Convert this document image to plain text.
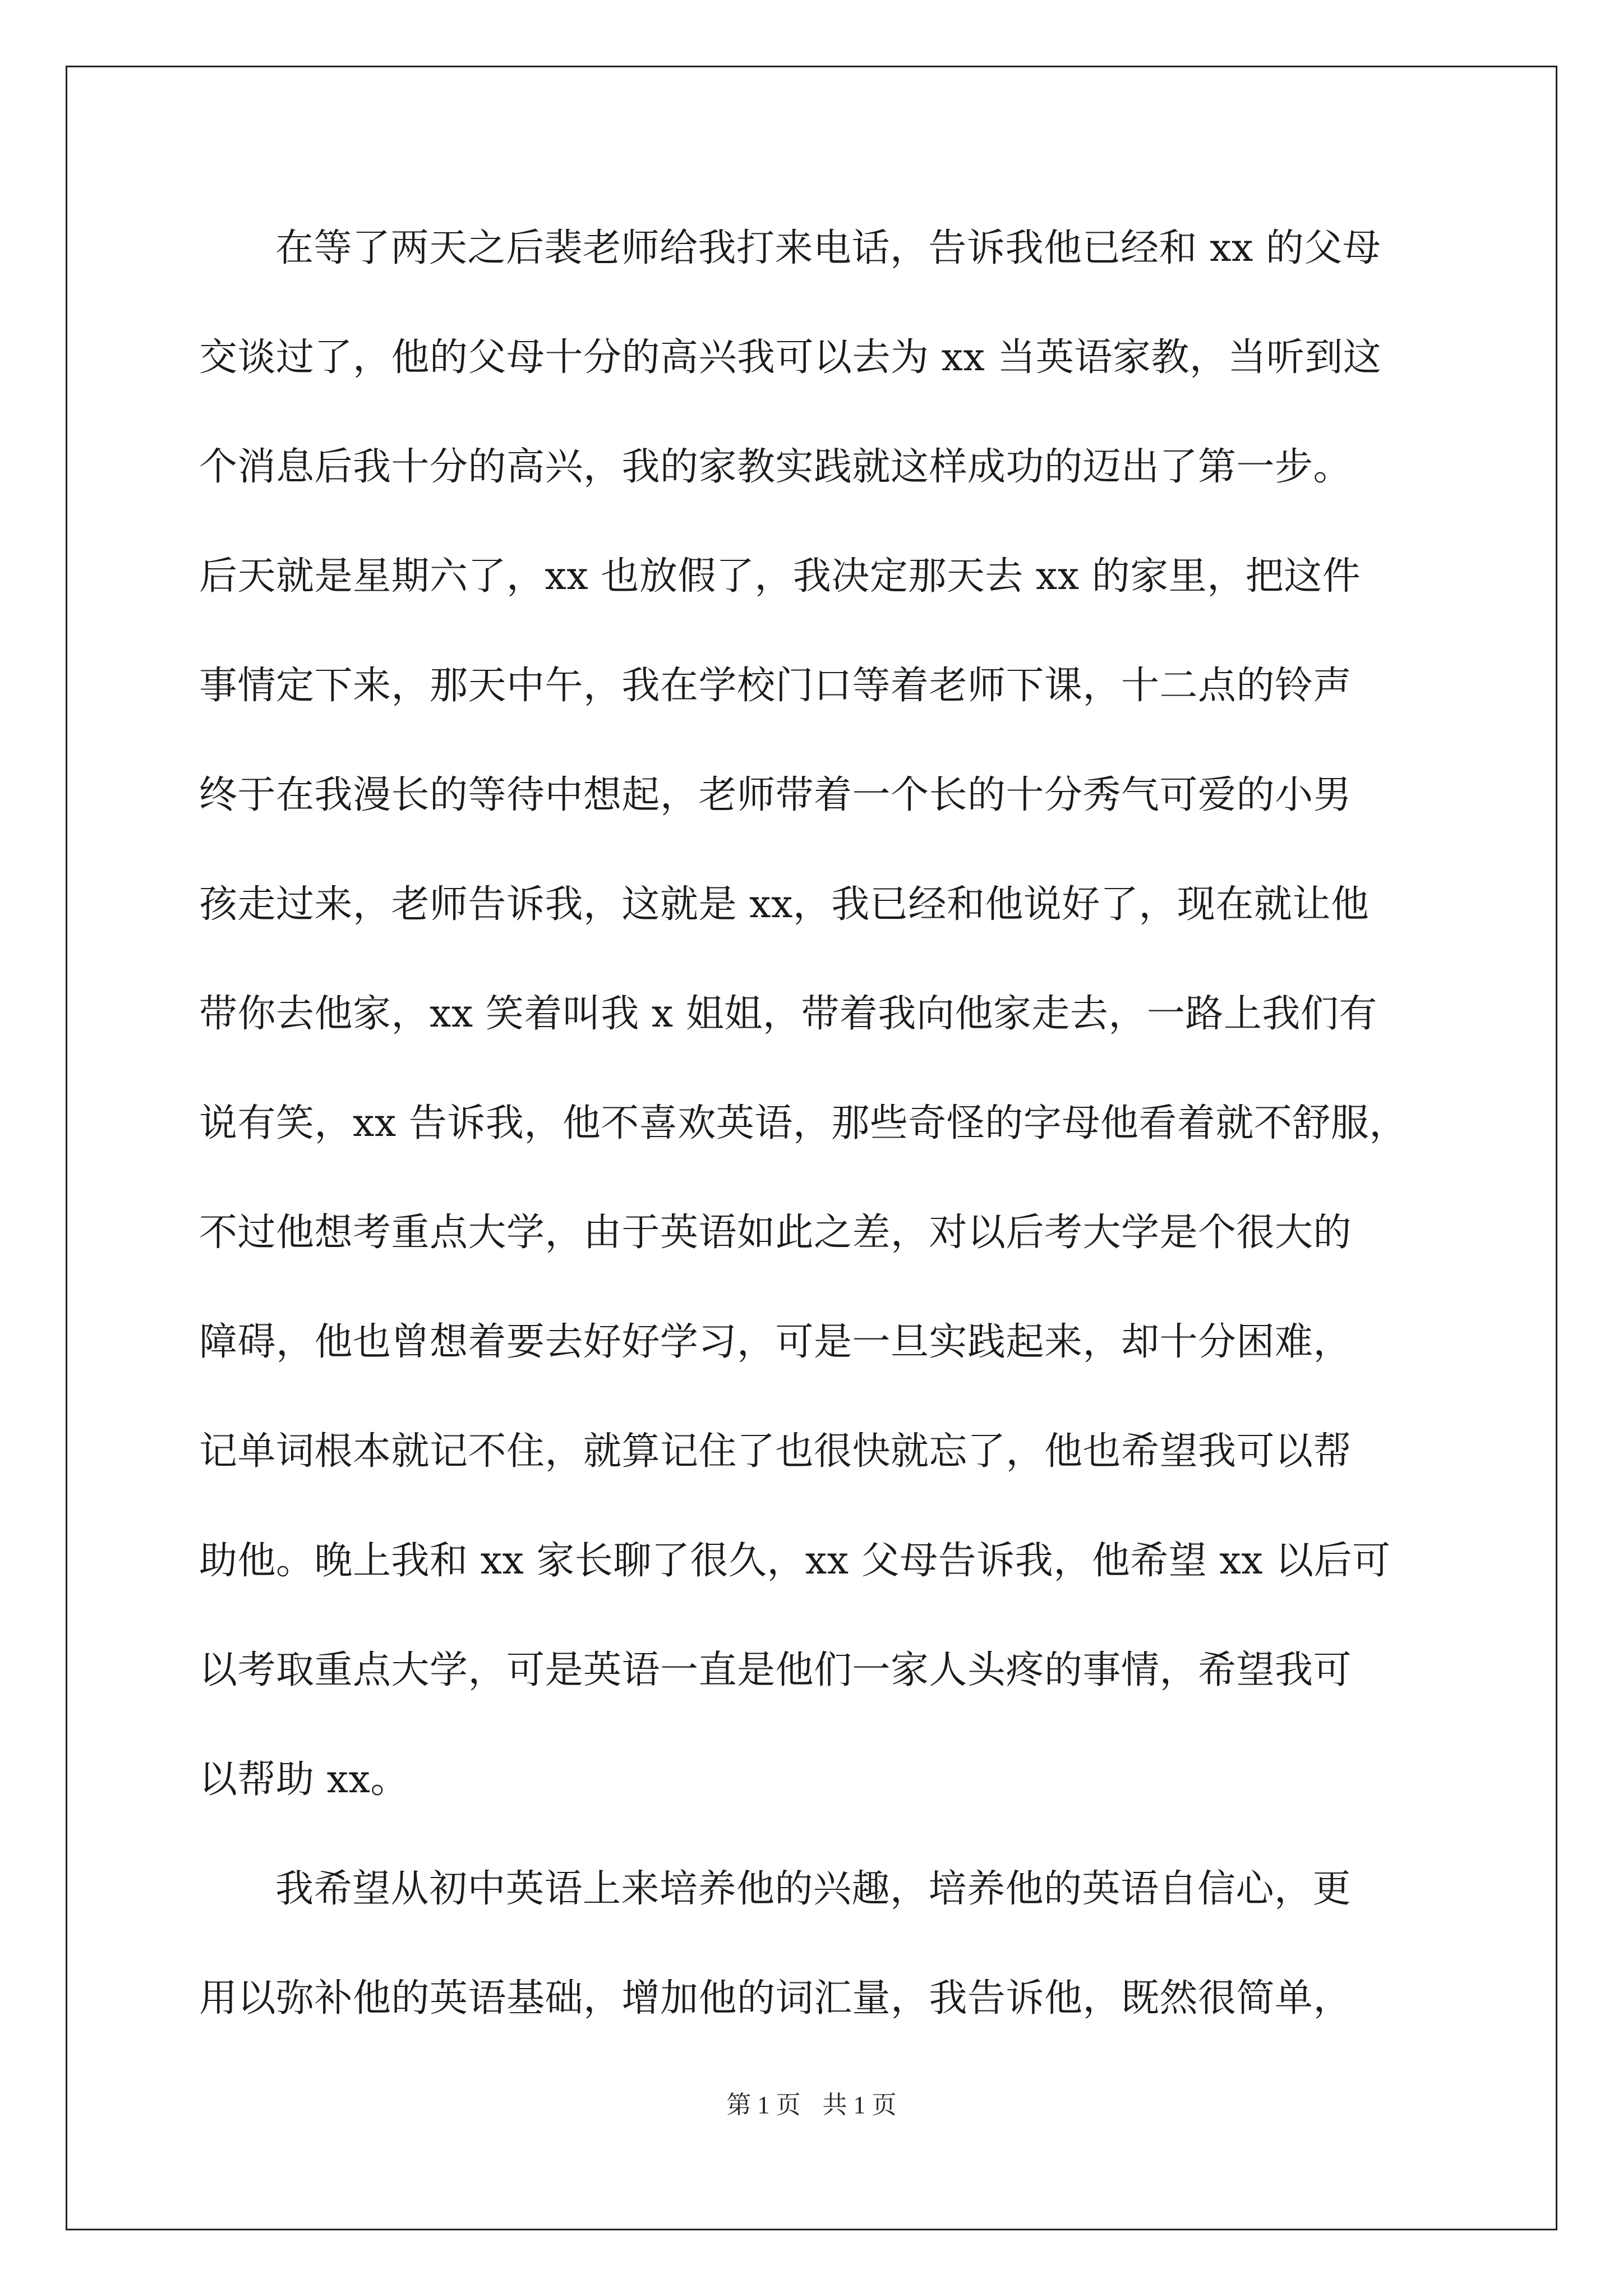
在等了两天之后裴老师给我打来电话，告诉我他已经和 xx 的父母
交谈过了，他的父母十分的高兴我可以去为 xx 当英语家教，当听到这
个消息后我十分的高兴，我的家教实践就这样成功的迈出了第一步。
后天就是星期六了，xx 也放假了，我决定那天去 xx 的家里，把这件
事情定下来，那天中午，我在学校门口等着老师下课，十二点的铃声
终于在我漫长的等待中想起，老师带着一个长的十分秀气可爱的小男
孩走过来，老师告诉我，这就是 xx，我已经和他说好了，现在就让他
带你去他家，xx 笑着叫我 x 姐姐，带着我向他家走去，一路上我们有
说有笑，xx 告诉我，他不喜欢英语，那些奇怪的字母他看着就不舒服，
不过他想考重点大学，由于英语如此之差，对以后考大学是个很大的
障碍，他也曾想着要去好好学习，可是一旦实践起来，却十分困难，
记单词根本就记不住，就算记住了也很快就忘了，他也希望我可以帮
助他。晚上我和 xx 家长聊了很久，xx 父母告诉我，他希望 xx 以后可
以考取重点大学，可是英语一直是他们一家人头疼的事情，希望我可
以帮助 xx。
我希望从初中英语上来培养他的兴趣，培养他的英语自信心，更
用以弥补他的英语基础，增加他的词汇量，我告诉他，既然很简单，
第 1 页 共 1 页
